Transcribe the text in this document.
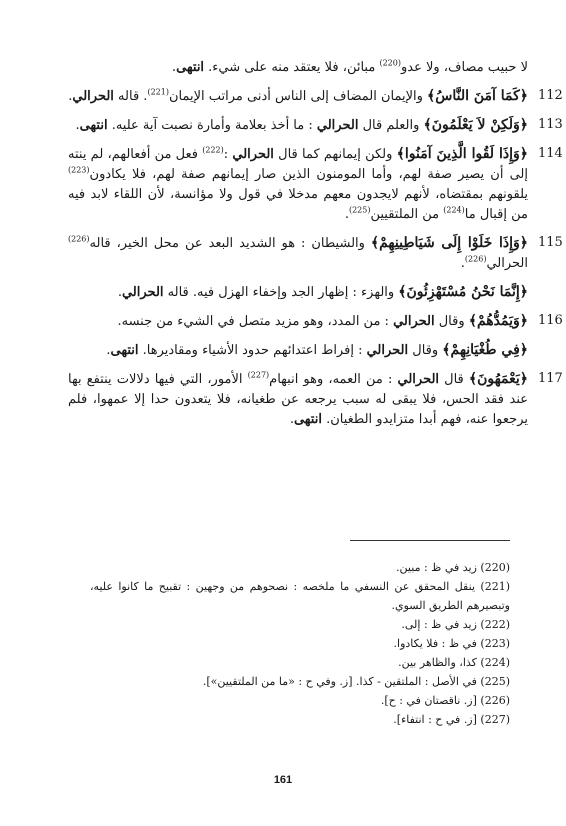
لا حبيب مصاف، ولا عدو$^{(220)}$ مبائن، فلا يعتقد منه على شيء. انتهى.
112
﴿كَمَا آمَنَ النَّاسُ﴾ والإيمان المضاف إلى الناس أدنى مراتب الإيمان$^{(221)}$. قاله الحرالي.
113
﴿وَلَكِنْ لاَ يَعْلَمُونَ﴾ والعلم قال الحرالي : ما أخذ بعلامة وأمارة نصبت آية عليه. انتهى.
114
﴿وَإِذَا لَقُوا الَّذِينَ آمَنُوا﴾ ولكن إيمانهم كما قال الحرالي :$^{(222)}$ فعل من أفعالهم، لم ينته إلى أن يصير صفة لهم، وأما المومنون الذين صار إيمانهم صفة لهم، فلا يكادون$^{(223)}$ يلقونهم بمقتضاه، لأنهم لايجدون معهم مدخلا في قول ولا مؤانسة، لأن اللقاء لابد فيه من إقبال ما$^{(224)}$ من الملتقيين$^{(225)}$.
115
﴿وَإِذَا خَلَوْا إِلَى شَيَاطِينِهِمْ﴾ والشيطان : هو الشديد البعد عن محل الخير، قاله$^{(226)}$ الحرالي$^{(226)}$.
﴿إِنَّمَا نَحْنُ مُسْتَهْزِئُونَ﴾ والهزء : إظهار الجد وإخفاء الهزل فيه. قاله الحرالي.
116
﴿وَيَمُدُّهُمْ﴾ وقال الحرالي : من المدد، وهو مزيد متصل في الشيء من جنسه.
﴿فِي طُغْيَانِهِمْ﴾ وقال الحرالي : إفراط اعتدائهم حدود الأشياء ومقاديرها. انتهى.
117
﴿يَعْمَهُونَ﴾ قال الحرالي : من العمه، وهو انبهام$^{(227)}$ الأمور، التي فيها دلالات ينتفع بها عند فقد الحس، فلا يبقى له سبب يرجعه عن طغيانه، فلا يتعدون حدا إلا عمهوا، فلم يرجعوا عنه، فهم أبدا متزايدو الطغيان. انتهى.
(220) زيد في ظ : مبين.
(221) ينقل المحقق عن النسفي ما ملخصه : نصحوهم من وجهين : تقبيح ما كانوا عليه، وتبصيرهم الطريق السوي.
(222) زيد في ظ : إلى.
(223) في ظ : فلا يكادوا.
(224) كذا، والظاهر بين.
(225) في الأصل : الملتقين - كذا. [ز. وفي ح : «ما من الملتقيين»].
(226) [ز. ناقصتان في : ح].
(227) [ز. في ح : انتفاء].
161
